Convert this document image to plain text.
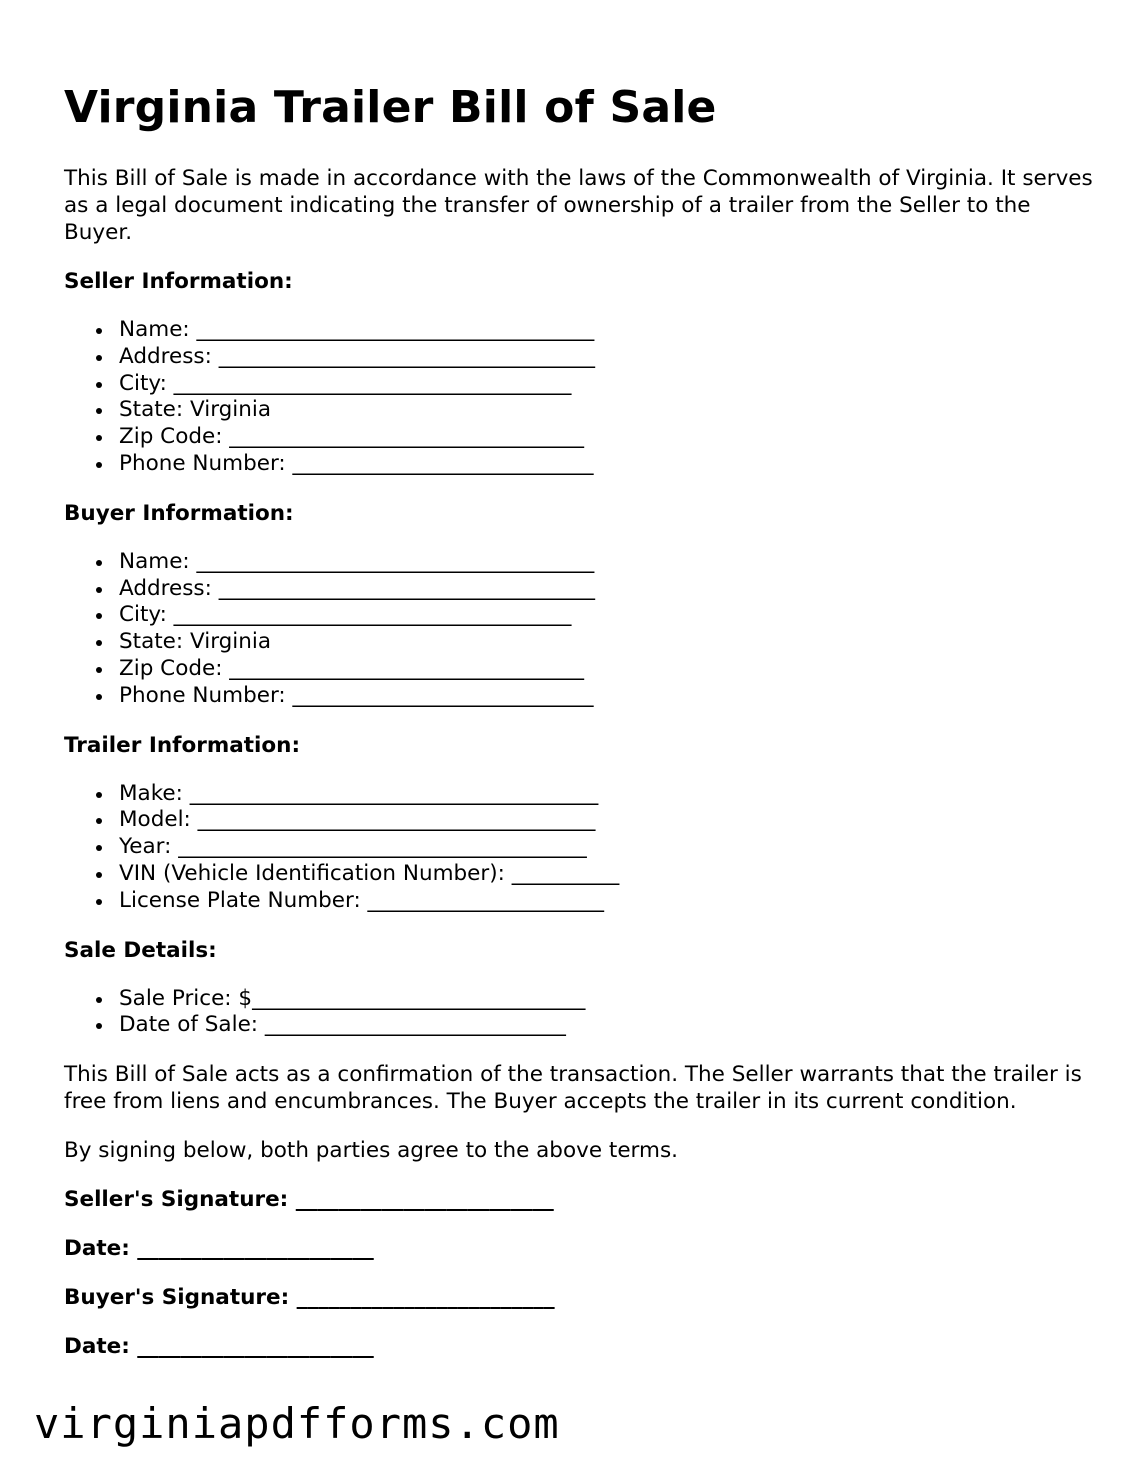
Virginia Trailer Bill of Sale

This Bill of Sale is made in accordance with the laws of the Commonwealth of Virginia. It serves as a legal document indicating the transfer of ownership of a trailer from the Seller to the Buyer.

Seller Information:
Name: _____________________________________
Address: ___________________________________
City: _____________________________________
State: Virginia
Zip Code: _________________________________
Phone Number: ____________________________
Buyer Information:
Name: _____________________________________
Address: ___________________________________
City: _____________________________________
State: Virginia
Zip Code: _________________________________
Phone Number: ____________________________
Trailer Information:
Make: ______________________________________
Model: _____________________________________
Year: ______________________________________
VIN (Vehicle Identification Number): __________
License Plate Number: ______________________
Sale Details:
Sale Price: $_______________________________
Date of Sale: ____________________________

This Bill of Sale acts as a confirmation of the transaction. The Seller warrants that the trailer is free from liens and encumbrances. The Buyer accepts the trailer in its current condition.

By signing below, both parties agree to the above terms.

Seller's Signature: ________________________
Date: ______________________
Buyer's Signature: ________________________
Date: ______________________
virginiapdfforms.com
